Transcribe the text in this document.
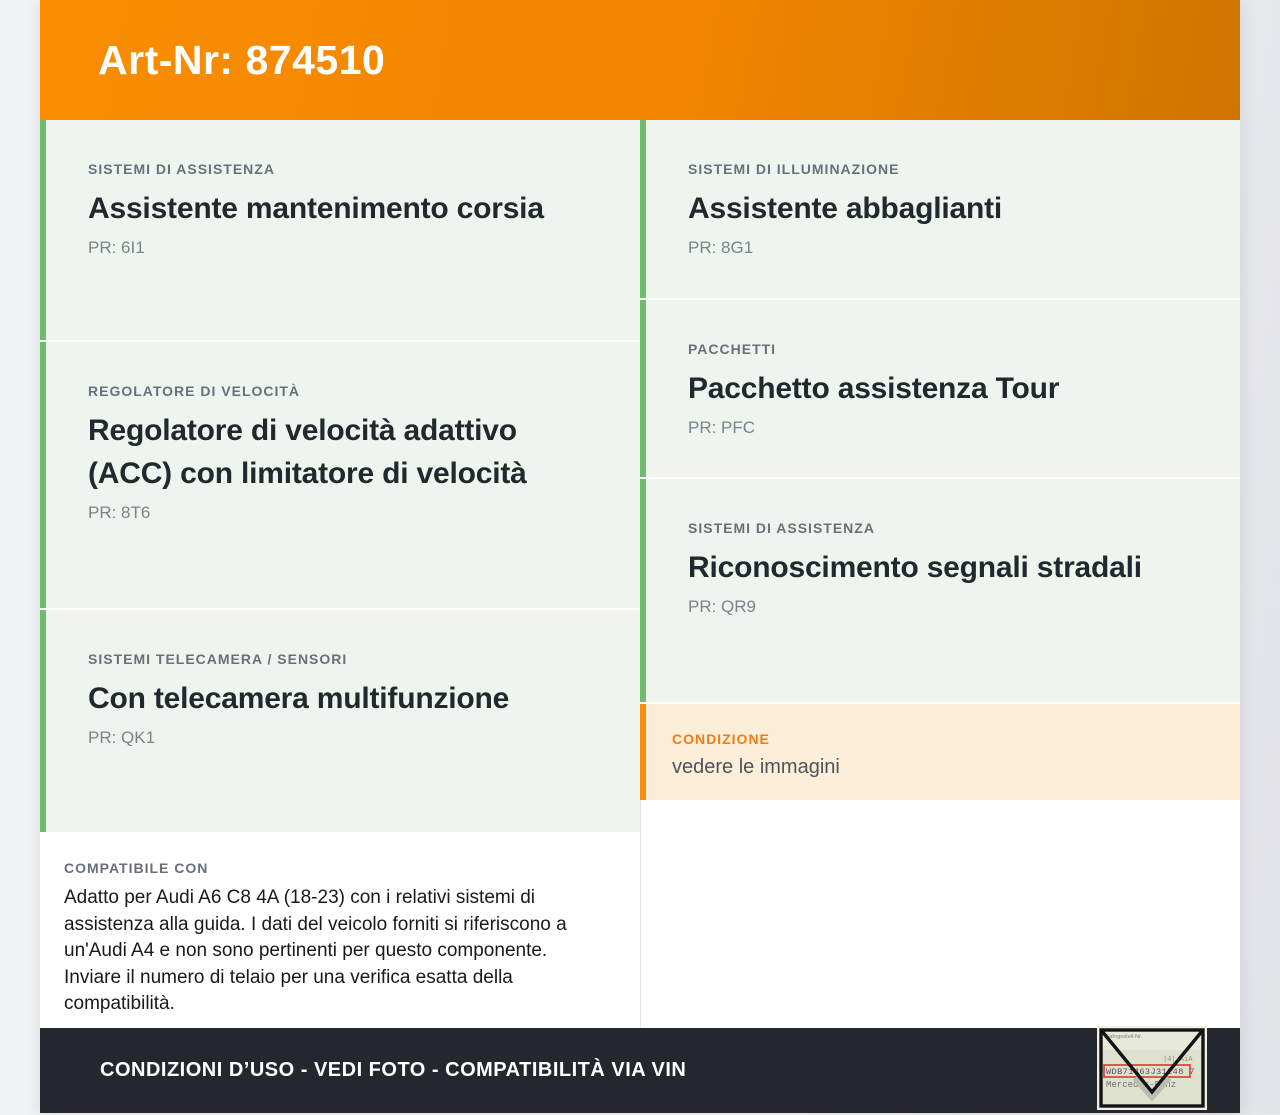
Art-Nr: 874510
SISTEMI DI ASSISTENZA
Assistente mantenimento corsia
PR: 6I1
REGOLATORE DI VELOCITÀ
Regolatore di velocità adattivo (ACC) con limitatore di velocità
PR: 8T6
SISTEMI TELECAMERA / SENSORI
Con telecamera multifunzione
PR: QK1
COMPATIBILE CON

Adatto per Audi A6 C8 4A (18-23) con i relativi sistemi di assistenza alla guida. I dati del veicolo forniti si riferiscono a un'Audi A4 e non sono pertinenti per questo componente. Inviare il numero di telaio per una verifica esatta della compatibilità.

SISTEMI DI ILLUMINAZIONE
Assistente abbaglianti
PR: 8G1
PACCHETTI
Pacchetto assistenza Tour
PR: PFC
SISTEMI DI ASSISTENZA
Riconoscimento segnali stradali
PR: QR9
CONDIZIONE
vedere le immagini
CONDIZIONI D’USO - VEDI FOTO - COMPATIBILITÀ VIA VIN
Fahrgestell-Nr.
|4| AiA
WDB71463J31248 7
Mercedes-Benz
